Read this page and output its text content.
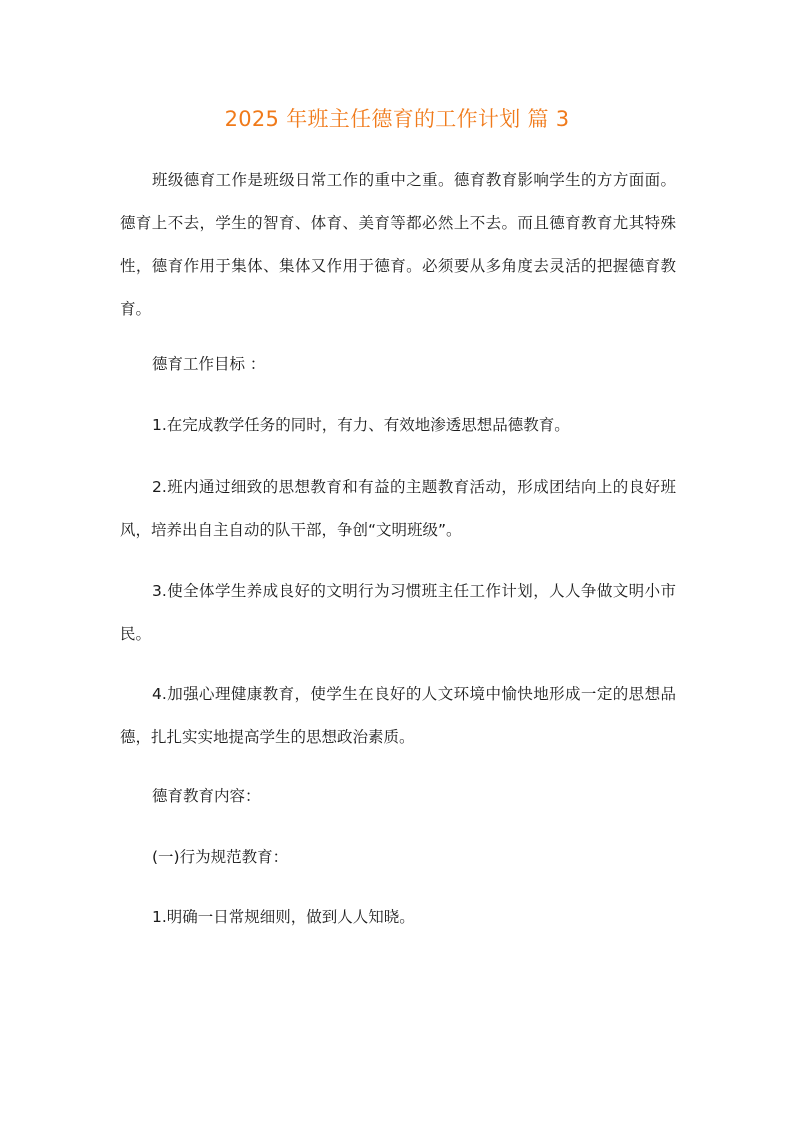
2025 年班主任德育的工作计划 篇 3

班级德育工作是班级日常工作的重中之重。德育教育影响学生的方方面面。德育上不去，学生的智育、体育、美育等都必然上不去。而且德育教育尤其特殊性，德育作用于集体、集体又作用于德育。必须要从多角度去灵活的把握德育教育。

德育工作目标 ：

1.在完成教学任务的同时，有力、有效地渗透思想品德教育。

2.班内通过细致的思想教育和有益的主题教育活动，形成团结向上的良好班风，培养出自主自动的队干部，争创“文明班级”。

3.使全体学生养成良好的文明行为习惯班主任工作计划，人人争做文明小市民。

4.加强心理健康教育，使学生在良好的人文环境中愉快地形成一定的思想品德，扎扎实实地提高学生的思想政治素质。

德育教育内容：

(一)行为规范教育：

1.明确一日常规细则，做到人人知晓。
